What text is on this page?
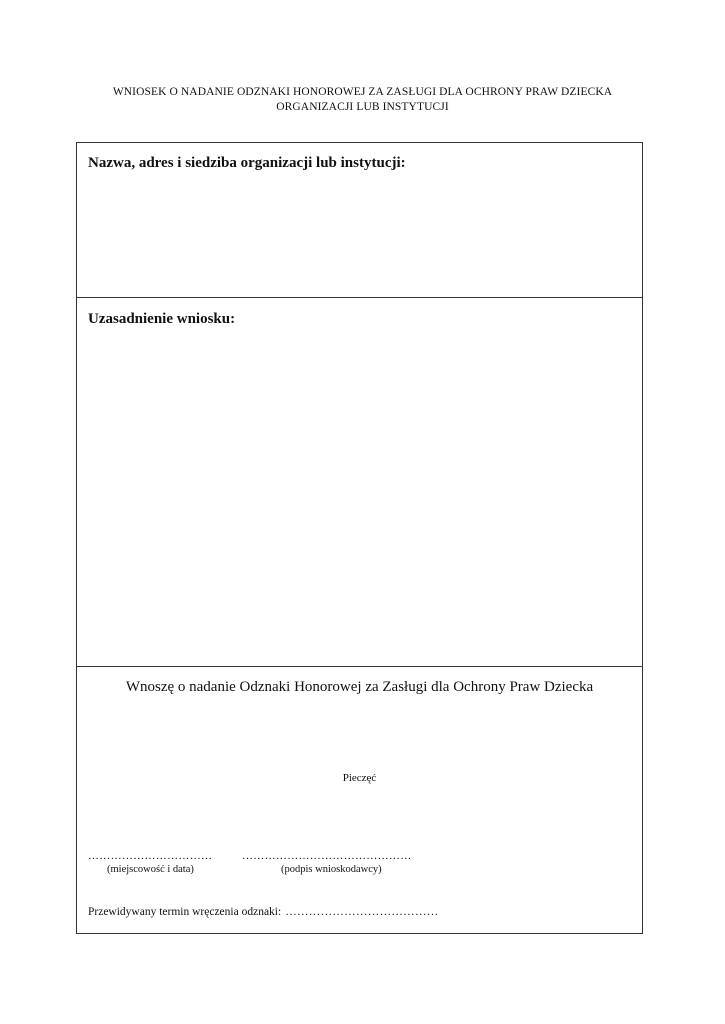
WNIOSEK O NADANIE ODZNAKI HONOROWEJ ZA ZASŁUGI DLA OCHRONY PRAW DZIECKA
ORGANIZACJI LUB INSTYTUCJI
Nazwa, adres i siedziba organizacji lub instytucji:
Uzasadnienie wniosku:
Wnoszę o nadanie Odznaki Honorowej za Zasługi dla Ochrony Praw Dziecka
Pieczęć
……………………………	………………………………………
(miejscowość i data)	(podpis wnioskodawcy)
Przewidywany termin wręczenia odznaki: …………………………………
